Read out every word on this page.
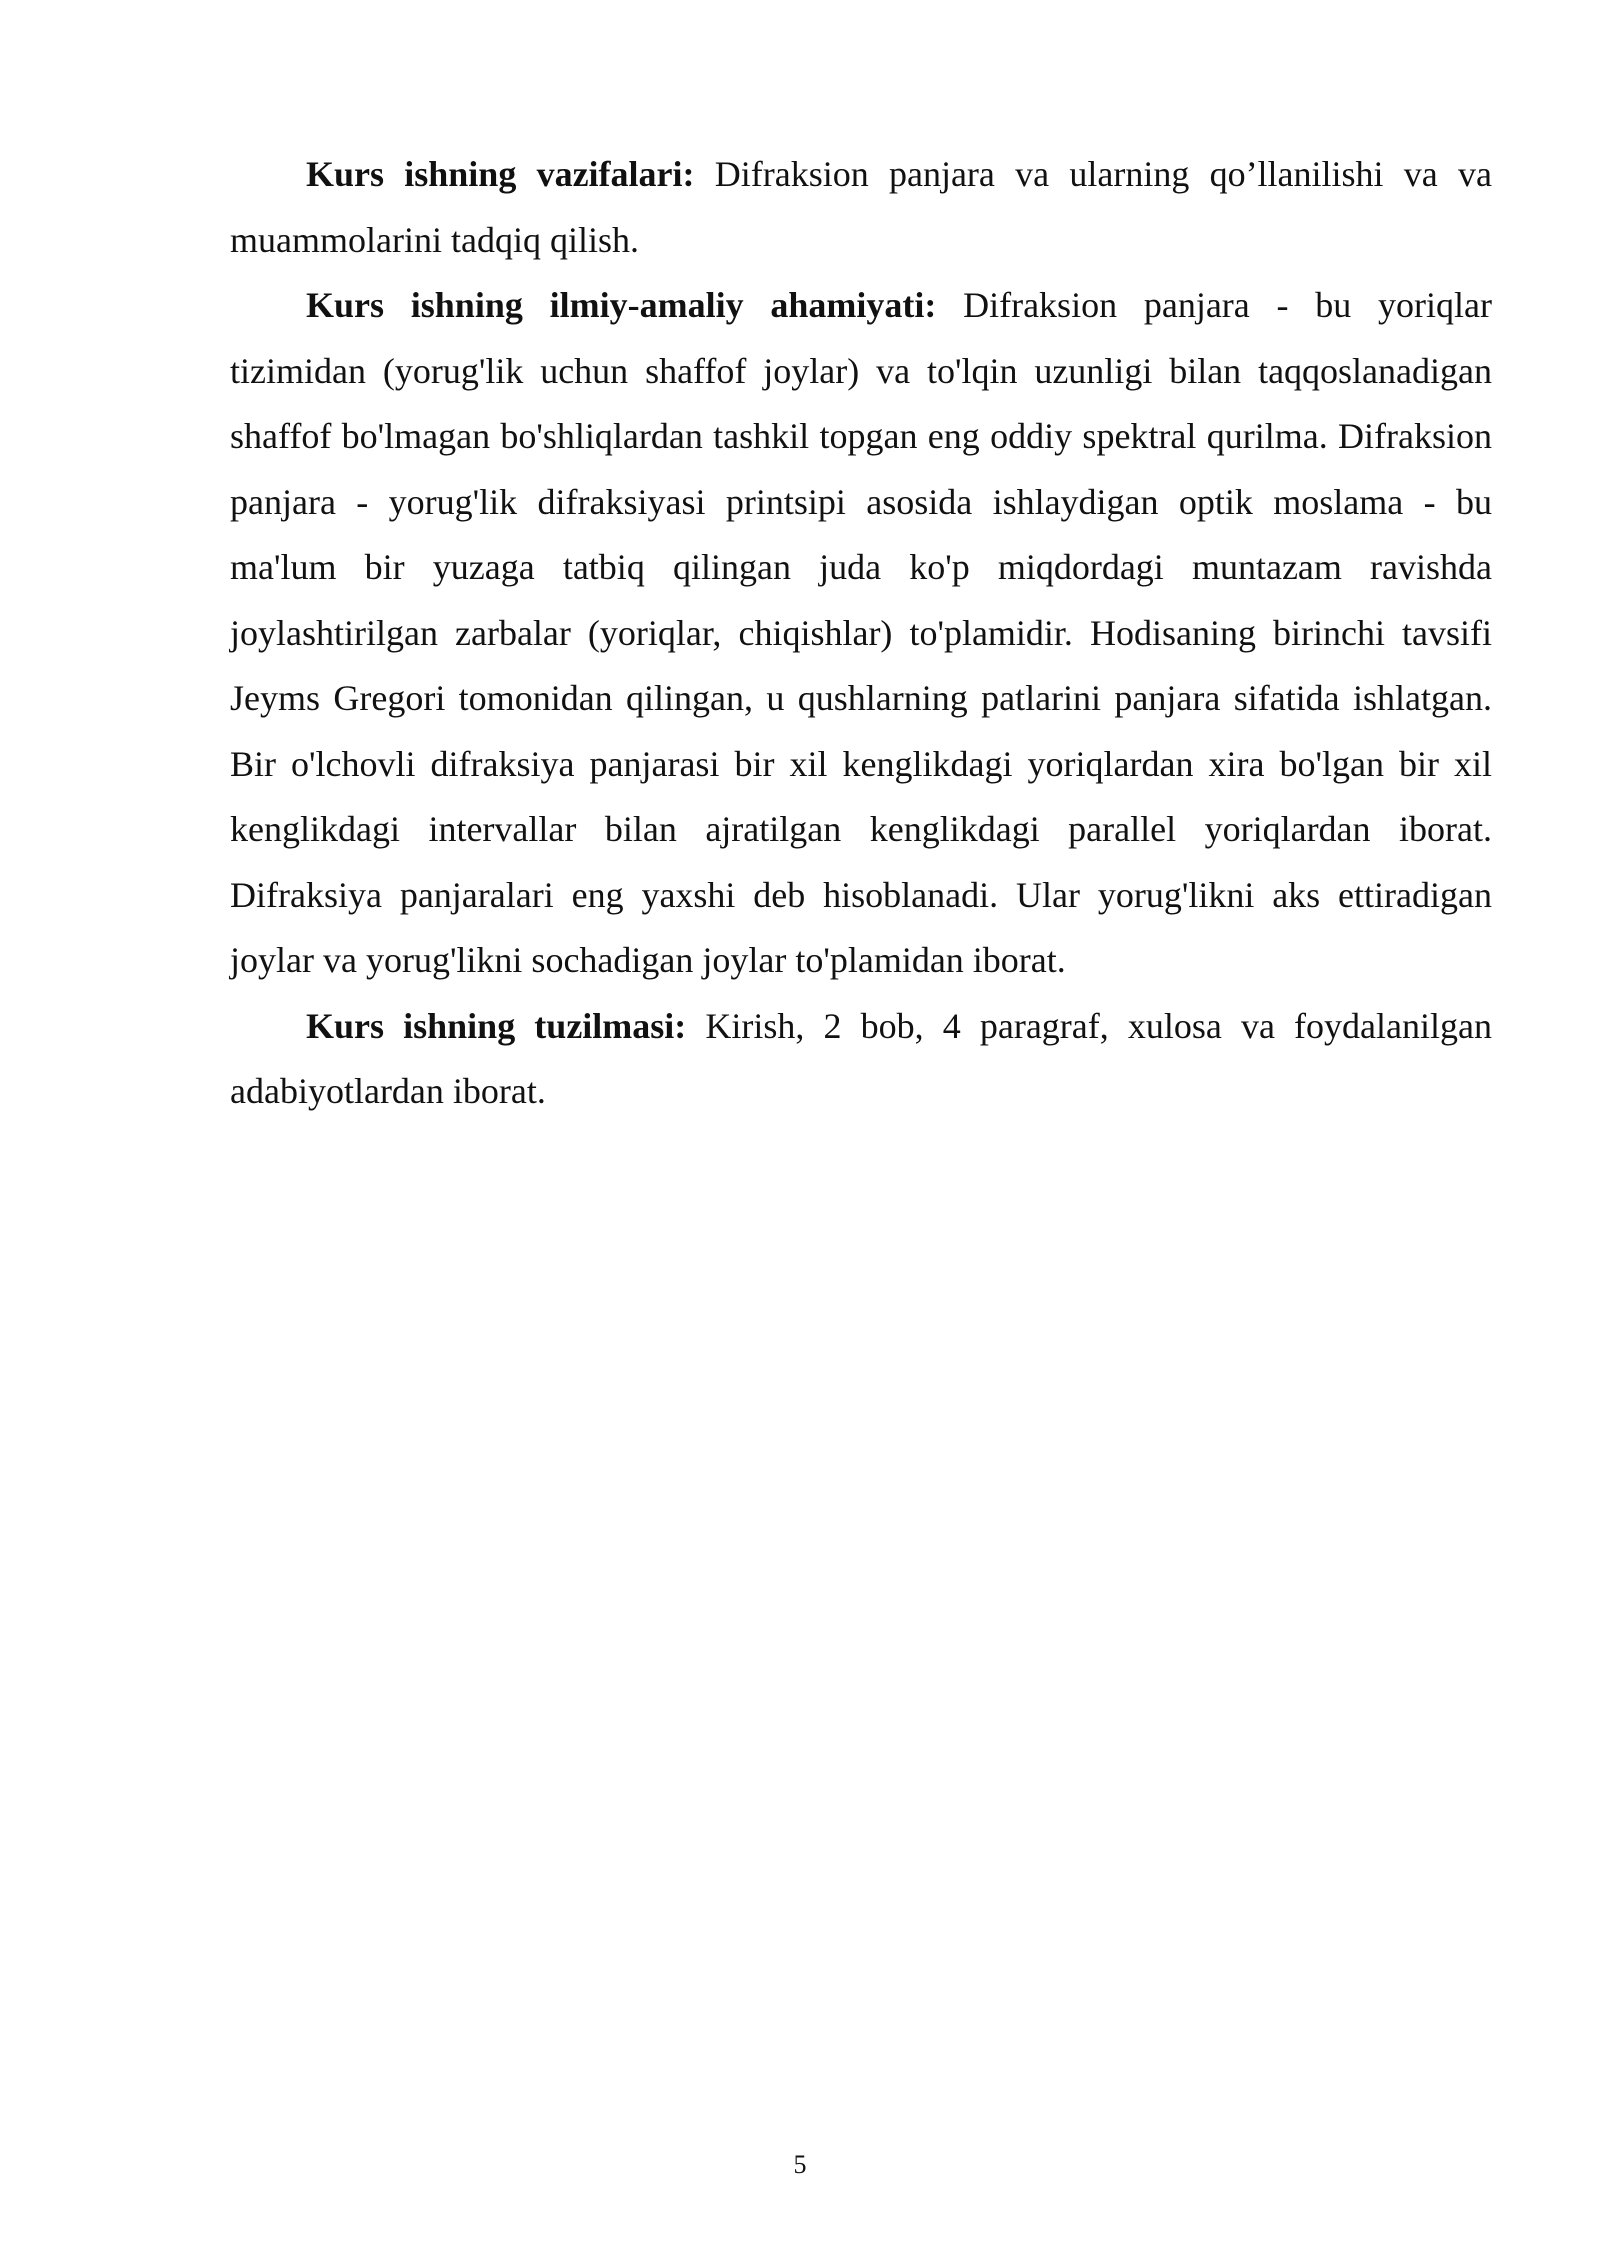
Kurs ishning vazifalari: Difraksion panjara va ularning qo’llanilishi va va muammolarini tadqiq qilish.

Kurs ishning ilmiy-amaliy ahamiyati: Difraksion panjara - bu yoriqlar tizimidan (yorug'lik uchun shaffof joylar) va to'lqin uzunligi bilan taqqoslanadigan shaffof bo'lmagan bo'shliqlardan tashkil topgan eng oddiy spektral qurilma. Difraksion panjara - yorug'lik difraksiyasi printsipi asosida ishlaydigan optik moslama - bu ma'lum bir yuzaga tatbiq qilingan juda ko'p miqdordagi muntazam ravishda joylashtirilgan zarbalar (yoriqlar, chiqishlar) to'plamidir. Hodisaning birinchi tavsifi Jeyms Gregori tomonidan qilingan, u qushlarning patlarini panjara sifatida ishlatgan. Bir o'lchovli difraksiya panjarasi bir xil kenglikdagi yoriqlardan xira bo'lgan bir xil kenglikdagi intervallar bilan ajratilgan kenglikdagi parallel yoriqlardan iborat. Difraksiya panjaralari eng yaxshi deb hisoblanadi. Ular yorug'likni aks ettiradigan joylar va yorug'likni sochadigan joylar to'plamidan iborat.

Kurs ishning tuzilmasi: Kirish, 2 bob, 4 paragraf, xulosa va foydalanilgan adabiyotlardan iborat.

5
